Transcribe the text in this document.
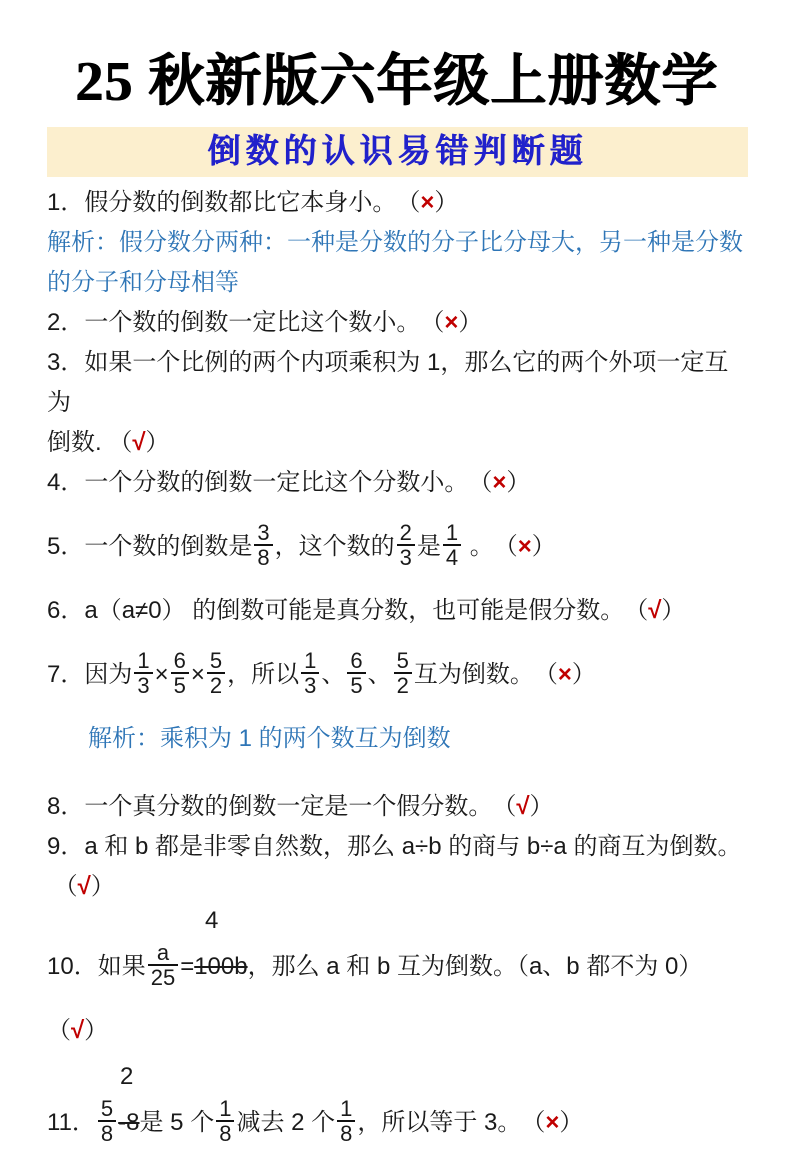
25 秋新版六年级上册数学
倒数的认识易错判断题
1．假分数的倒数都比它本身小。　（×）
解析：假分数分两种：一种是分数的分子比分母大，另一种是分数
的分子和分母相等
2．一个数的倒数一定比这个数小。　（×）
3．如果一个比例的两个内项乘积为 1，那么它的两个外项一定互为
倒数. （√）
4．一个分数的倒数一定比这个分数小。　（×）
5．一个数的倒数是 $\frac{3}{8}$ ，这个数的 $\frac{2}{3}$ 是 $\frac{1}{4}$ 。　（×）
6．a（a≠0） 的倒数可能是真分数，也可能是假分数。　（√）
7．因为 $\frac{1}{3} \times \frac{6}{5} \times \frac{5}{2}$ ，所以 $\frac{1}{3}$ 、 $\frac{6}{5}$ 、 $\frac{5}{2}$ 互为倒数。　（×）
解析：乘积为 1 的两个数互为倒数
8．一个真分数的倒数一定是一个假分数。　（√）
9．a 和 b 都是非零自然数，那么 a÷b 的商与 b÷a 的商互为倒数。
（√）
4
10．如果 $\frac{a}{25} =100b$，那么 a 和 b 互为倒数。（a、b 都不为 0）　（√）
2
11． $\frac{5}{8} -8$是 5 个 $\frac{1}{8}$ 减去 2 个 $\frac{1}{8}$ ，所以等于 3。　（×）
